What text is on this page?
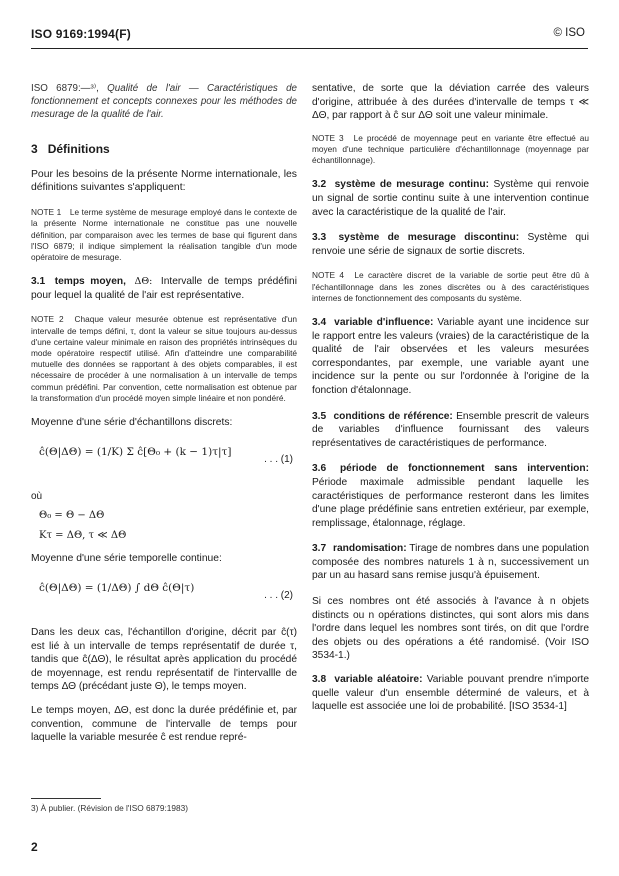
ISO 9169:1994(F)	© ISO

ISO 6879:—³⁾, Qualité de l'air — Caractéristiques de fonctionnement et concepts connexes pour les méthodes de mesurage de la qualité de l'air.

3 Définitions

Pour les besoins de la présente Norme internationale, les définitions suivantes s'appliquent:

NOTE 1 Le terme système de mesurage employé dans le contexte de la présente Norme internationale ne constitue pas une nouvelle définition, par comparaison avec les termes de base qui figurent dans l'ISO 6879; il indique simplement la réalisation tangible d'un mode opératoire de mesurage.

3.1 temps moyen, ΔΘ: Intervalle de temps prédéfini pour lequel la qualité de l'air est représentative.

NOTE 2 Chaque valeur mesurée obtenue est représentative d'un intervalle de temps défini, τ, dont la valeur se situe toujours au-dessus d'une certaine valeur minimale en raison des propriétés intrinsèques du mode opératoire respectif utilisé. Afin d'atteindre une comparabilité mutuelle des données se rapportant à des objets comparables, il est nécessaire de procéder à une normalisation à un intervalle de temps commun prédéfini. Par convention, cette normalisation est obtenue par la transformation d'un procédé moyen simple linéaire et non pondéré.

Moyenne d'une série d'échantillons discrets:
ĉ(Θ|ΔΘ) = (1/K) Σ ĉ[Θ₀ + (k − 1)τ|τ]
. . . (1)
où
Θ₀ = Θ − ΔΘ
Kτ = ΔΘ, τ ≪ ΔΘ
Moyenne d'une série temporelle continue:
ĉ(Θ|ΔΘ) = (1/ΔΘ) ∫ dΘ ĉ(Θ|τ)
. . . (2)

Dans les deux cas, l'échantillon d'origine, décrit par ĉ(τ) est lié à un intervalle de temps représentatif de durée τ, tandis que ĉ(ΔΘ), le résultat après application du procédé de moyennage, est rendu représentatif de l'intervallle de temps ΔΘ (précédant juste Θ), le temps moyen.

Le temps moyen, ΔΘ, est donc la durée prédéfinie et, par convention, commune de l'intervalle de temps pour laquelle la variable mesurée ĉ est rendue repré-

sentative, de sorte que la déviation carrée des valeurs d'origine, attribuée à des durées d'intervalle de temps τ ≪ ΔΘ, par rapport à ĉ sur ΔΘ soit une valeur minimale.

NOTE 3 Le procédé de moyennage peut en variante être effectué au moyen d'une technique particulière d'échantillonnage (moyennage par échantillonnage).

3.2 système de mesurage continu: Système qui renvoie un signal de sortie continu suite à une intervention continue avec la caractéristique de la qualité de l'air.

3.3 système de mesurage discontinu: Système qui renvoie une série de signaux de sortie discrets.

NOTE 4 Le caractère discret de la variable de sortie peut être dû à l'échantillonnage dans les zones discrètes ou à des caractéristiques internes de fonctionnement des composants du système.

3.4 variable d'influence: Variable ayant une incidence sur le rapport entre les valeurs (vraies) de la caractéristique de la qualité de l'air observées et les valeurs mesurées correspondantes, par exemple, une variable ayant une incidence sur la pente ou sur l'ordonnée à l'origine de la fonction d'étalonnage.

3.5 conditions de référence: Ensemble prescrit de valeurs de variables d'influence fournissant des valeurs représentatives de caractéristiques de performance.

3.6 période de fonctionnement sans intervention: Période maximale admissible pendant laquelle les caractéristiques de performance resteront dans les limites d'une plage prédéfinie sans entretien extérieur, par exemple, remplissage, étalonnage, réglage.

3.7 randomisation: Tirage de nombres dans une population composée des nombres naturels 1 à n, successivement un par un au hasard sans remise jusqu'à épuisement.

Si ces nombres ont été associés à l'avance à n objets distincts ou n opérations distinctes, qui sont alors mis dans l'ordre dans lequel les nombres sont tirés, on dit que l'ordre des objets ou des opérations a été randomisé. (Voir ISO 3534-1.)

3.8 variable aléatoire: Variable pouvant prendre n'importe quelle valeur d'un ensemble déterminé de valeurs, et à laquelle est associée une loi de probabilité. [ISO 3534-1]

3) À publier. (Révision de l'ISO 6879:1983)
2
